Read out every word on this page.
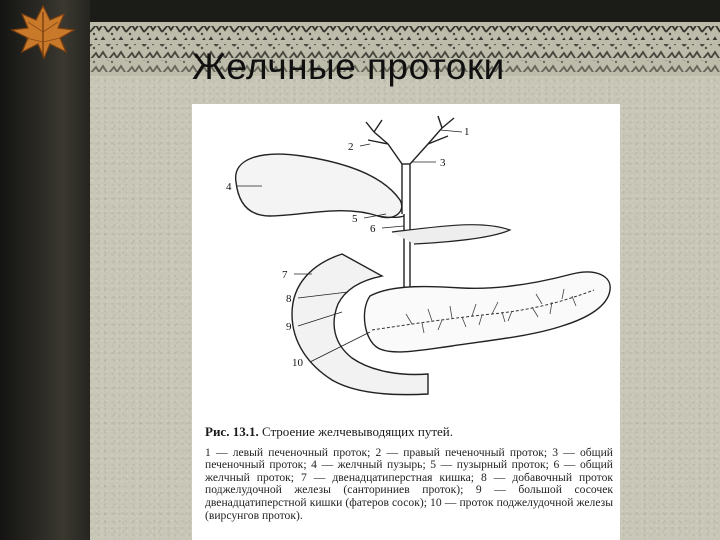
Желчные протоки
1
2
3
4
5
6
7
8
9
10
Рис. 13.1. Строение желчевыводящих путей.
1 — левый печеночный проток; 2 — правый печеночный проток; 3 — общий печеночный проток; 4 — желчный пузырь; 5 — пузырный проток; 6 — общий желчный проток; 7 — двенадцатиперстная кишка; 8 — добавочный проток поджелудочной железы (санториниев проток); 9 — большой сосочек двенадцатиперстной кишки (фатеров сосок); 10 — проток поджелудочной железы (вирсунгов проток).
